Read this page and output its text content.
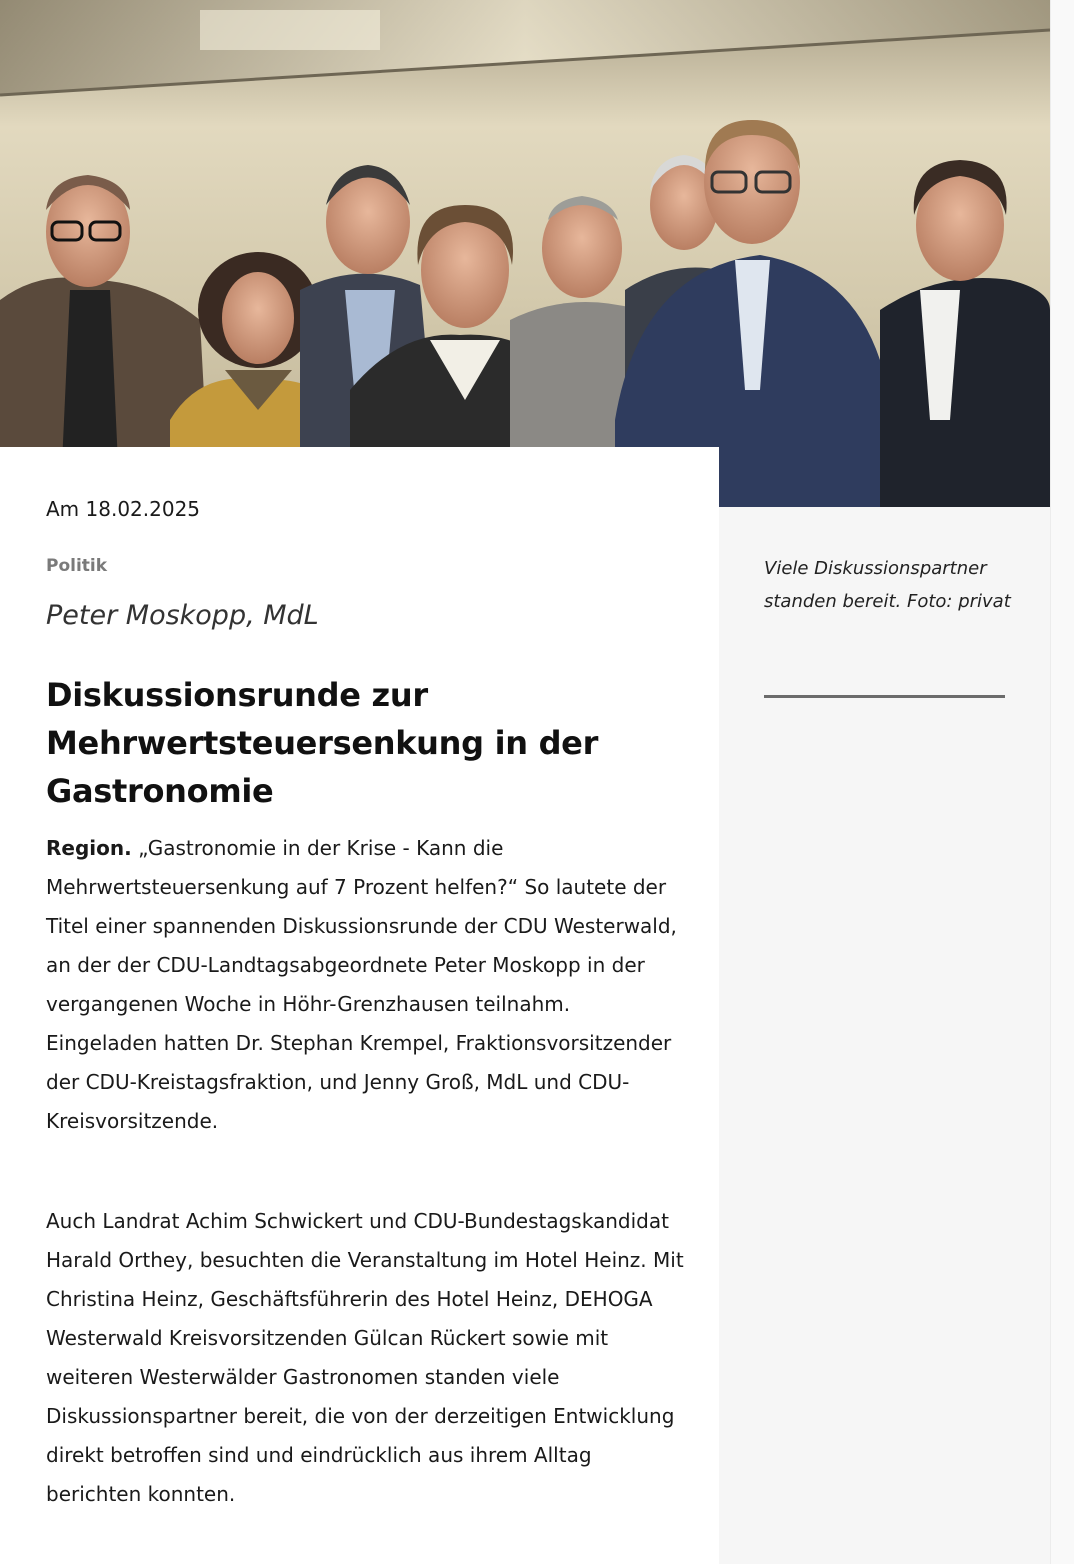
Am 18.02.2025
Politik
Peter Moskopp, MdL
Diskussionsrunde zur Mehrwertsteuersenkung in der Gastronomie

Region. „Gastronomie in der Krise - Kann die Mehrwertsteuersenkung auf 7 Prozent helfen?“ So lautete der Titel einer spannenden Diskussionsrunde der CDU Westerwald, an der der CDU-Landtagsabgeordnete Peter Moskopp in der vergangenen Woche in Höhr-Grenzhausen teilnahm. Eingeladen hatten Dr. Stephan Krempel, Fraktionsvorsitzender der CDU-Kreistagsfraktion, und Jenny Groß, MdL und CDU-Kreisvorsitzende.

Auch Landrat Achim Schwickert und CDU-Bundestagskandidat Harald Orthey, besuchten die Veranstaltung im Hotel Heinz. Mit Christina Heinz, Geschäftsführerin des Hotel Heinz, DEHOGA Westerwald Kreisvorsitzenden Gülcan Rückert sowie mit weiteren Westerwälder Gastronomen standen viele Diskussionspartner bereit, die von der derzeitigen Entwicklung direkt betroffen sind und eindrücklich aus ihrem Alltag berichten konnten.

Viele Diskussionspartner standen bereit. Foto: privat
